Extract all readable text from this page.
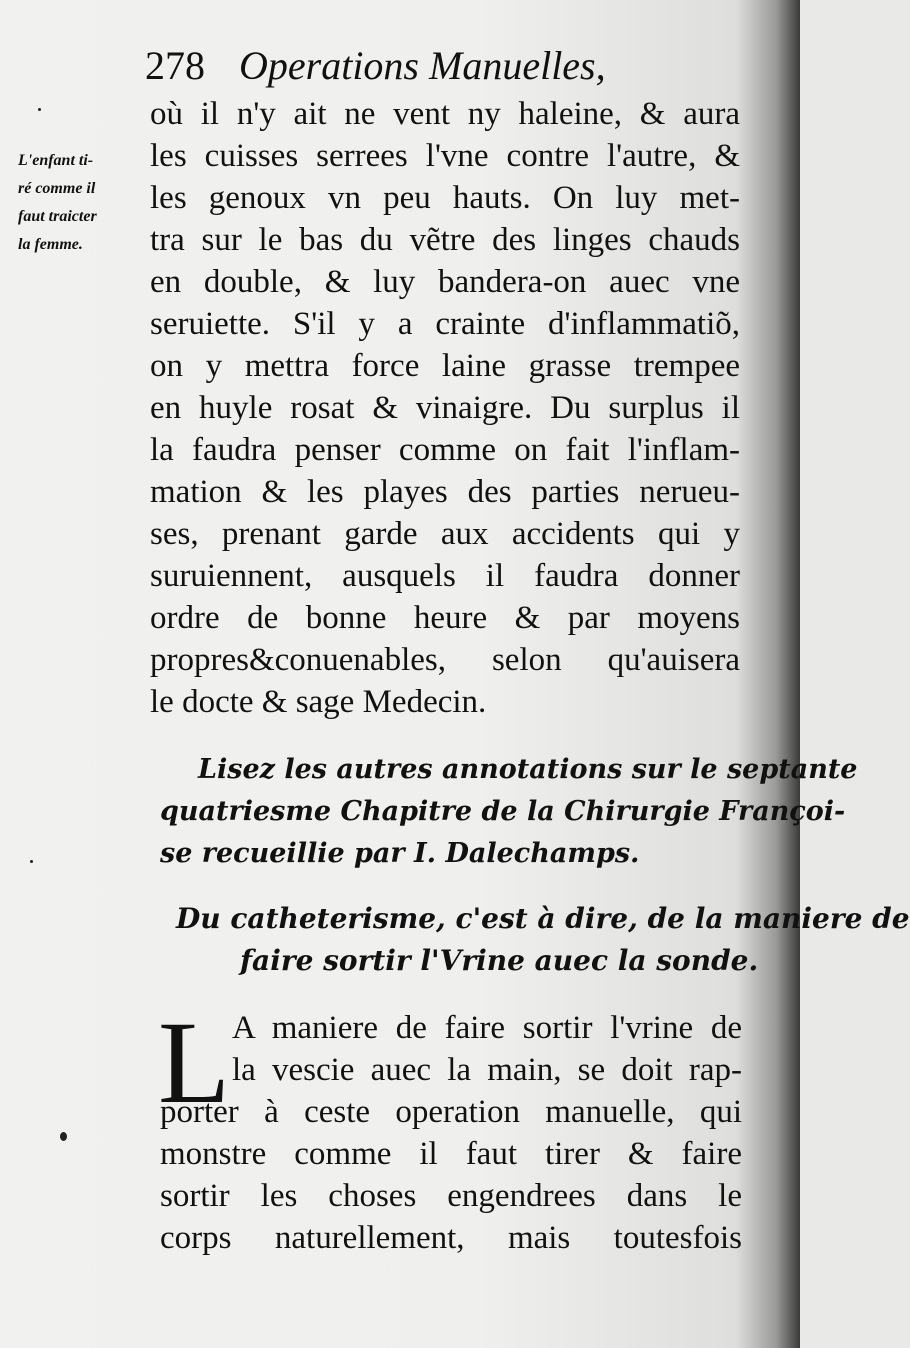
278 Operations Manuelles,
L'enfant ti-
ré comme il
faut traicter
la femme.
où il n'y ait ne vent ny haleine, & aura
les cuisses serrees l'vne contre l'autre, &
les genoux vn peu hauts. On luy met-
tra sur le bas du vẽtre des linges chauds
en double, & luy bandera-on auec vne
seruiette. S'il y a crainte d'inflammatiõ,
on y mettra force laine grasse trempee
en huyle rosat & vinaigre. Du surplus il
la faudra penser comme on fait l'inflam-
mation & les playes des parties nerueu-
ses, prenant garde aux accidents qui y
suruiennent, ausquels il faudra donner
ordre de bonne heure & par moyens
propres&conuenables, selon qu'auisera
le docte & sage Medecin.
Lisez les autres annotations sur le septante
quatriesme Chapitre de la Chirurgie Françoi-
se recueillie par I. Dalechamps.
Du catheterisme, c'est à dire, de la maniere de
faire sortir l'Vrine auec la sonde.
L A maniere de faire sortir l'vrine de
la vescie auec la main, se doit rap-
porter à ceste operation manuelle, qui
monstre comme il faut tirer & faire
sortir les choses engendrees dans le
corps naturellement, mais toutesfois
